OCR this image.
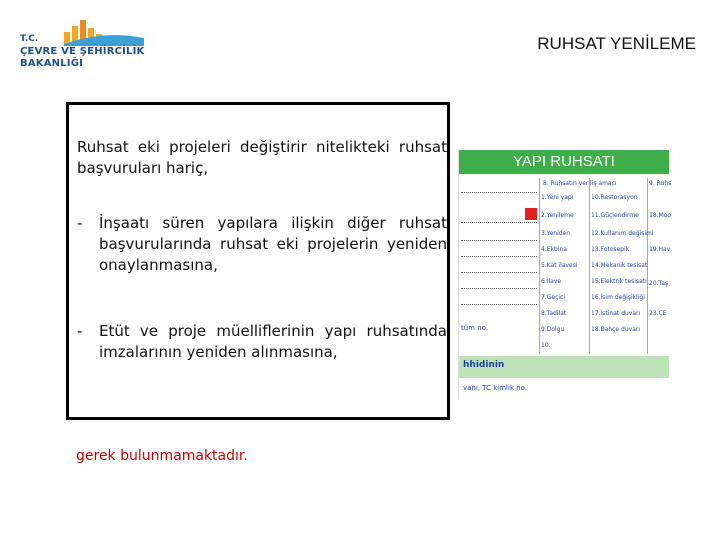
T.C.
ÇEVRE VE ŞEHİRCİLİK
BAKANLIĞI
RUHSAT YENİLEME
Ruhsat eki projeleri değiştirir nitelikteki ruhsat başvuruları hariç,
- İnşaatı süren yapılara ilişkin diğer ruhsat başvurularında ruhsat eki projelerin yeniden onaylanmasına,
- Etüt ve proje müelliflerinin yapı ruhsatında imzalarının yeniden alınmasına,
gerek bulunmamaktadır.
YAPI RUHSATI
8. Ruhsatın veriliş amacı	9. Ruhs
1.Yeni yapı
2.Yenileme
3.Yeniden
4.Ekbina
5.Kat ilavesi
6.İlave
7.Geçici
8.Tadilat
9.Dolgu
10.
10.Restorasyon
11.Güçlendirme
12.Kullanım değişimi
13.Fotosepik
14.Mekanik tesisat
15.Elektrik tesisatı
16.İsim değişikliği
17.İstinat duvarı
18.Bahçe duvarı
18.Moo
19.Hav
20.Taş
23.ÇE
tüm no.
hhidinin
vanı, TC kimlik no.
